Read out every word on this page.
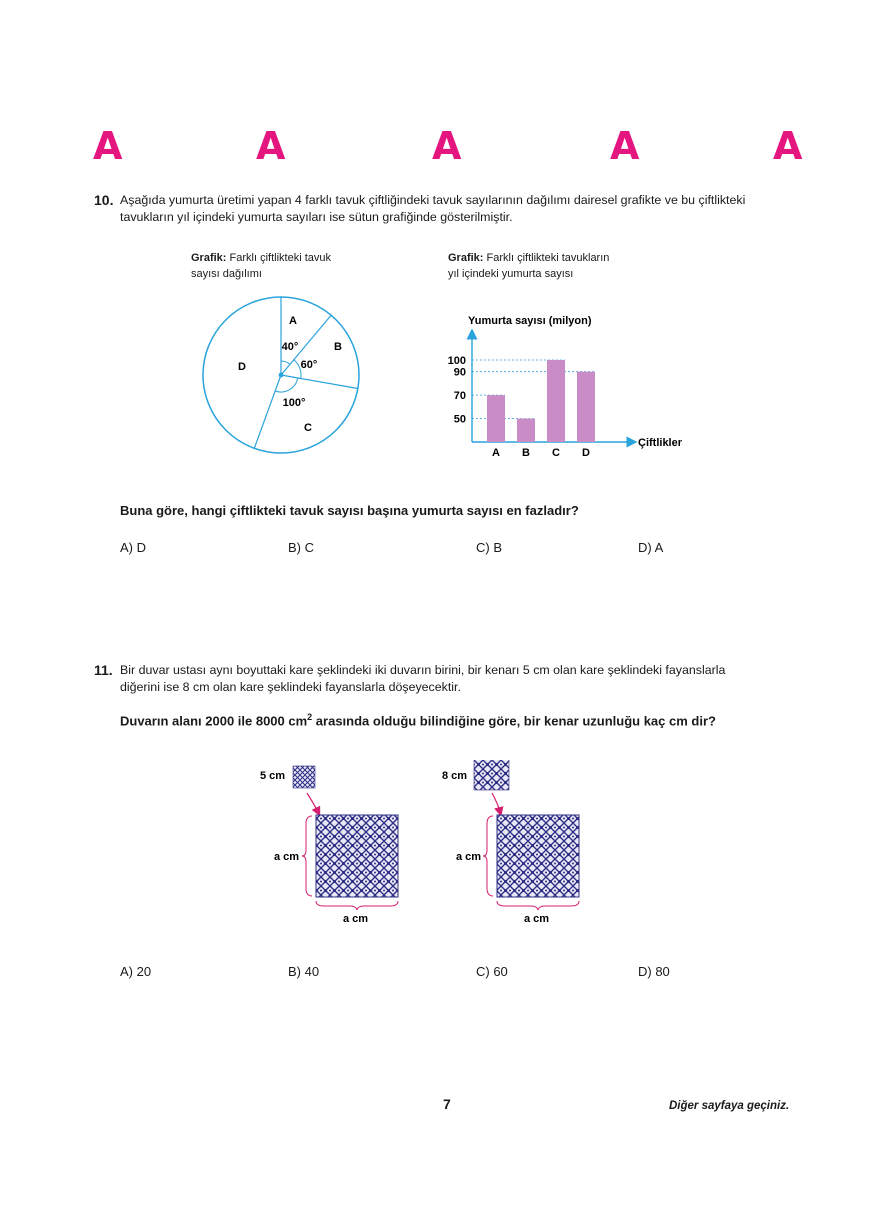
A	A	A	A	A
10. Aşağıda yumurta üretimi yapan 4 farklı tavuk çiftliğindeki tavuk sayılarının dağılımı dairesel grafikte ve bu çiftlikteki
tavukların yıl içindeki yumurta sayıları ise sütun grafiğinde gösterilmiştir.
Grafik: Farklı çiftlikteki tavuk
sayısı dağılımı
Grafik: Farklı çiftlikteki tavukların
yıl içindeki yumurta sayısı
A
B
C
D
40°
60°
100°
Yumurta sayısı (milyon)
Çiftlikler
50
70
90
100
A B C D
Buna göre, hangi çiftlikteki tavuk sayısı başına yumurta sayısı en fazladır?
A) D	B) C	C) B	D) A
11. Bir duvar ustası aynı boyuttaki kare şeklindeki iki duvarın birini, bir kenarı 5 cm olan kare şeklindeki fayanslarla
diğerini ise 8 cm olan kare şeklindeki fayanslarla döşeyecektir.
Duvarın alanı 2000 ile 8000 $cm^2$ arasında olduğu bilindiğine göre, bir kenar uzunluğu kaç cm dir?
5 cm
a cm
a cm
8 cm
a cm
a cm
A) 20	B) 40	C) 60	D) 80
7	Diğer sayfaya geçiniz.
